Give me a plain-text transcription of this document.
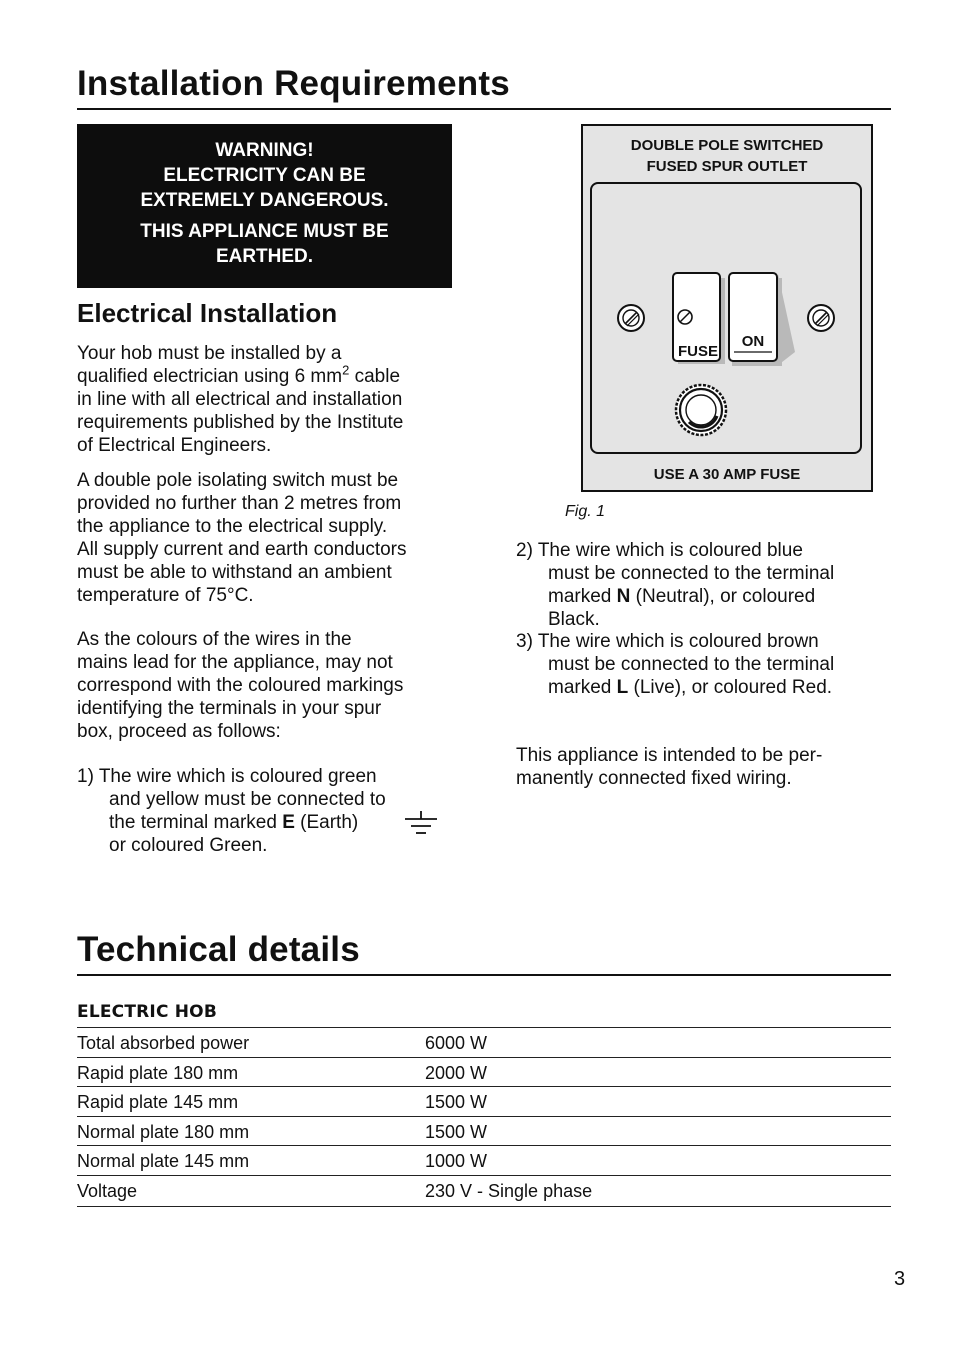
Installation Requirements
WARNING!
ELECTRICITY CAN BE
EXTREMELY DANGEROUS.
THIS APPLIANCE MUST BE
EARTHED.
Electrical Installation
Your hob must be installed by a
qualified electrician using 6 $mm^2$ cable
in line with all electrical and installation
requirements published by the Institute
of Electrical Engineers.
A double pole isolating switch must be
provided no further than 2 metres from
the appliance to the electrical supply.
All supply current and earth conductors
must be able to withstand an ambient
temperature of 75°C.
As the colours of the wires in the
mains lead for the appliance, may not
correspond with the coloured markings
identifying the terminals in your spur
box, proceed as follows:
1) The wire which is coloured green
and yellow must be connected to
the terminal marked E (Earth)
or coloured Green.
DOUBLE POLE SWITCHED
FUSED SPUR OUTLET
FUSE
ON
USE A 30 AMP FUSE
Fig. 1
2) The wire which is coloured blue
must be connected to the terminal
marked N (Neutral), or coloured
Black.
3) The wire which is coloured brown
must be connected to the terminal
marked L (Live), or coloured Red.
This appliance is intended to be per-
manently connected fixed wiring.
Technical details
ELECTRIC HOB
Total absorbed power	6000 W
Rapid plate 180 mm	2000 W
Rapid plate 145 mm	1500 W
Normal plate 180 mm	1500 W
Normal plate 145 mm	1000 W
Voltage	230 V - Single phase
3
